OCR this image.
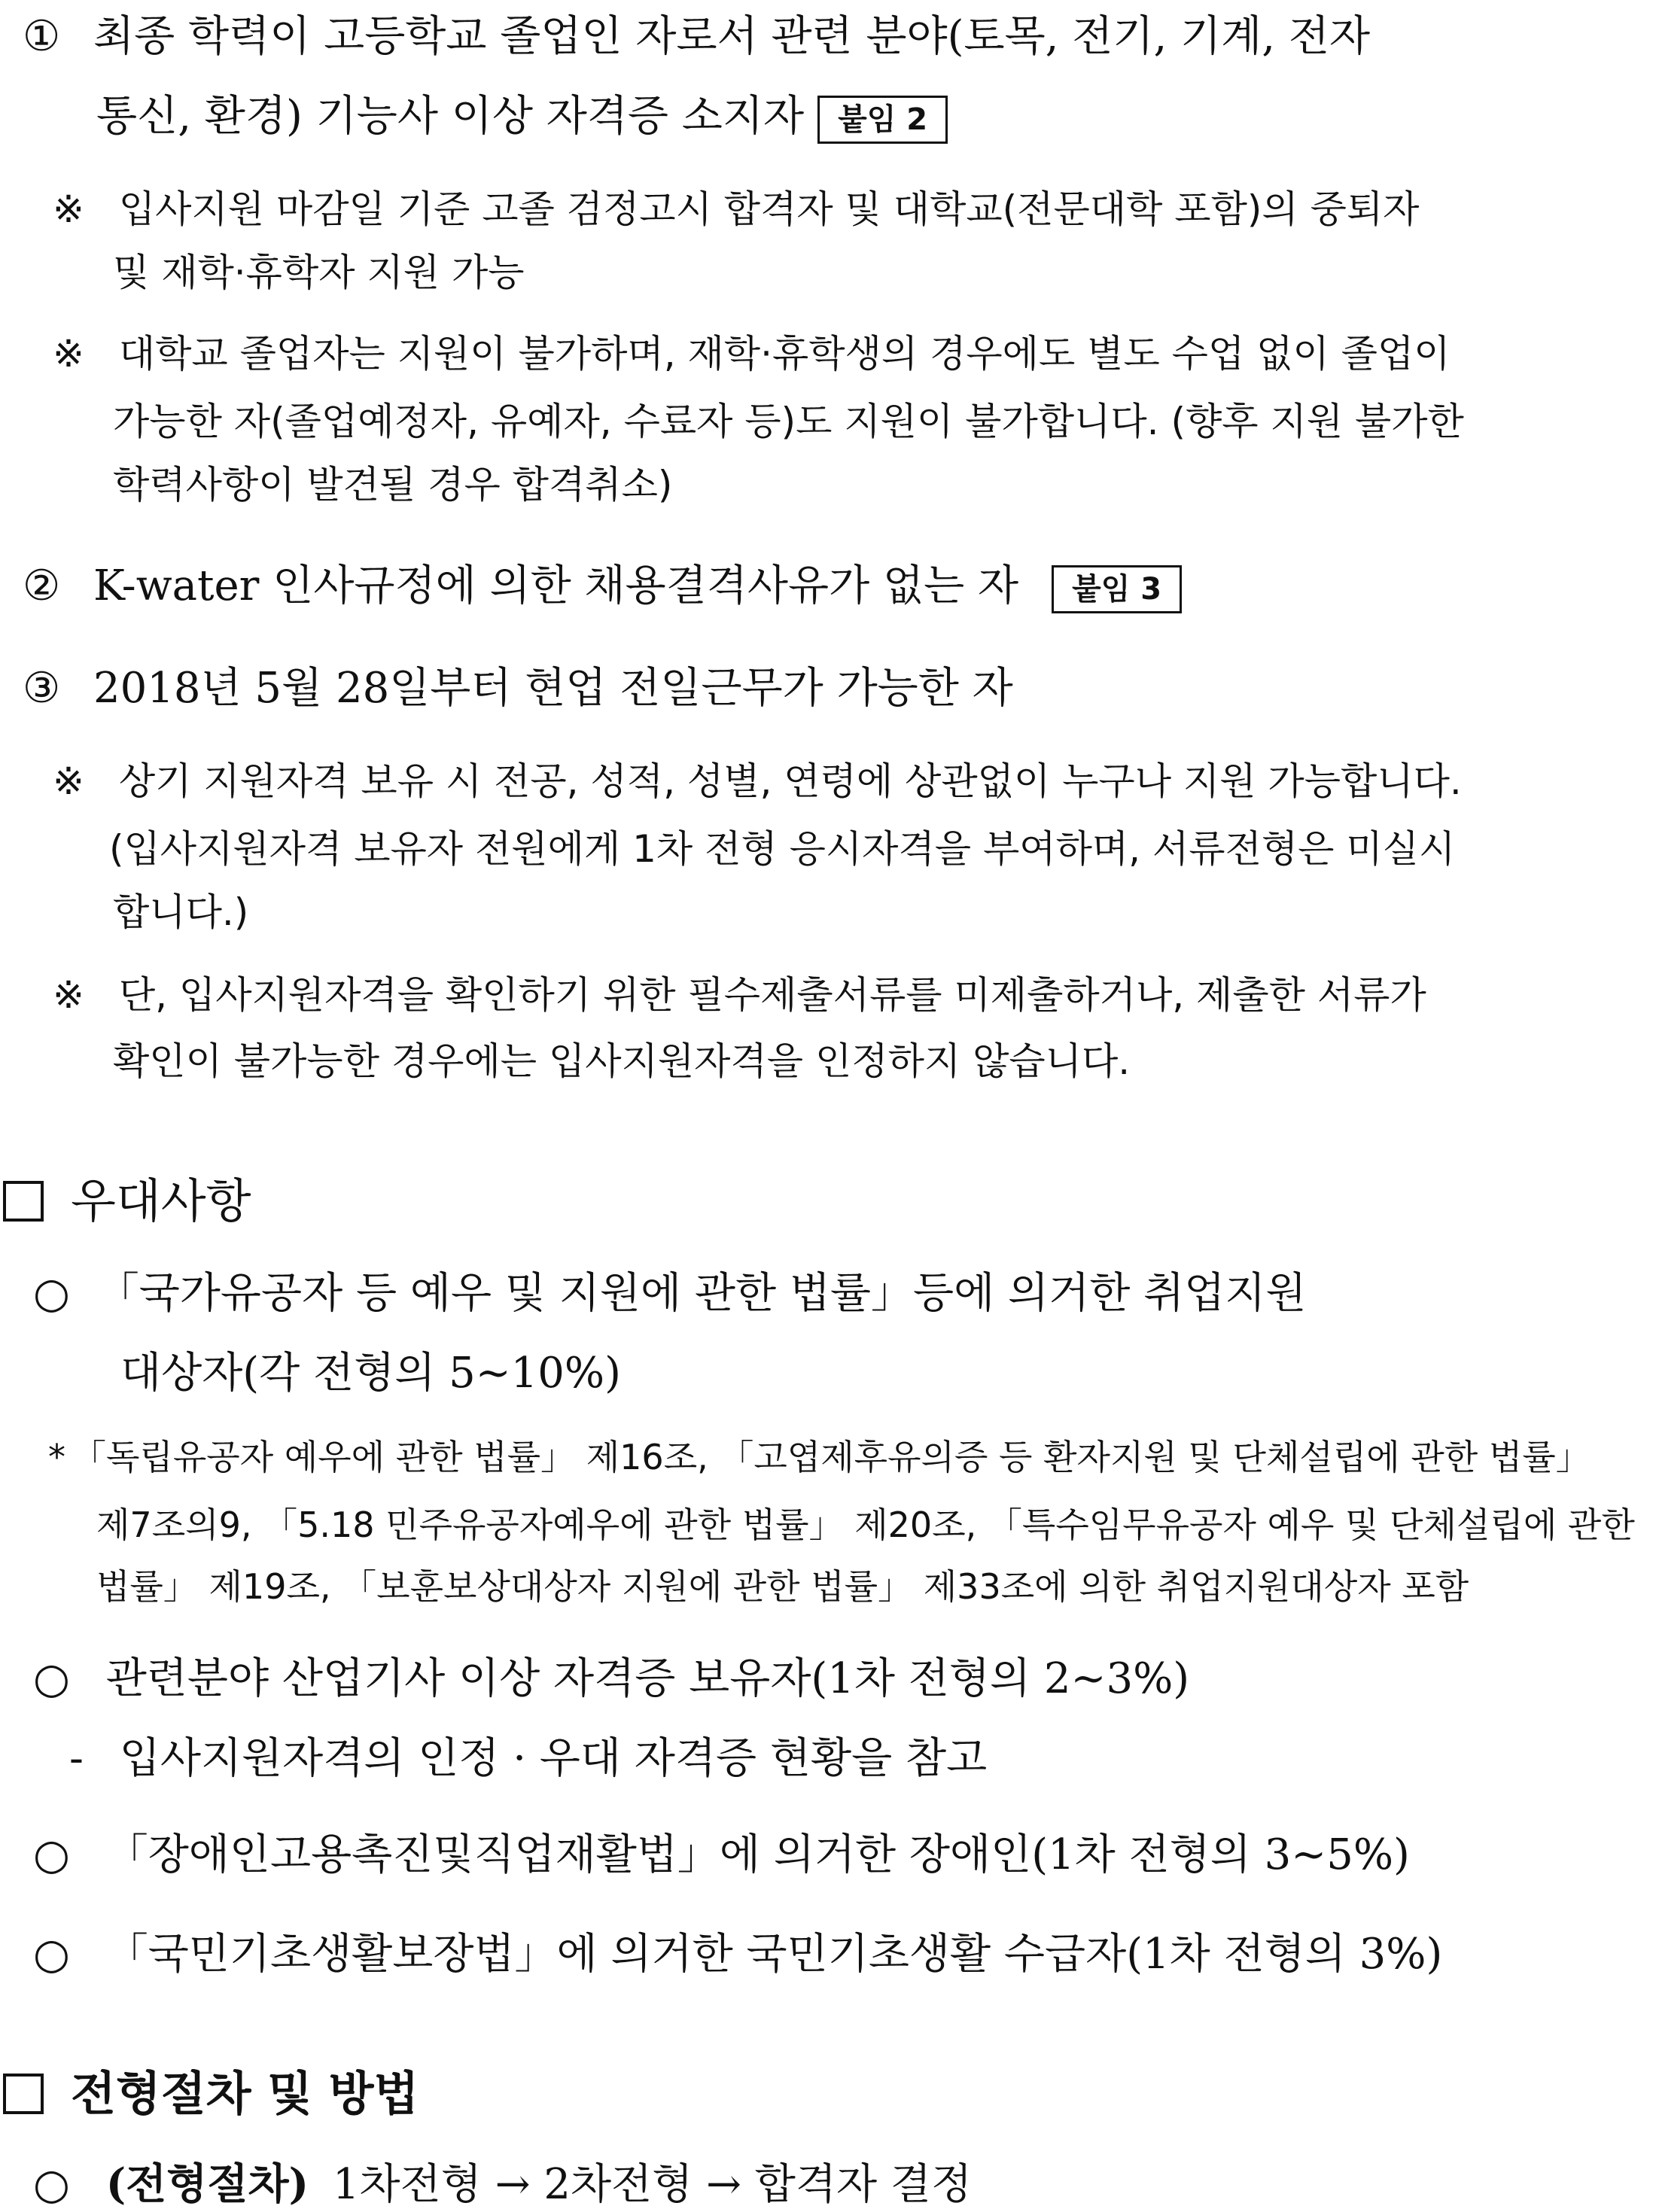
① 최종 학력이 고등학교 졸업인 자로서 관련 분야(토목, 전기, 기계, 전자
통신, 환경) 기능사 이상 자격증 소지자 붙임 2
※ 입사지원 마감일 기준 고졸 검정고시 합격자 및 대학교(전문대학 포함)의 중퇴자
및 재학·휴학자 지원 가능
※ 대학교 졸업자는 지원이 불가하며, 재학·휴학생의 경우에도 별도 수업 없이 졸업이
가능한 자(졸업예정자, 유예자, 수료자 등)도 지원이 불가합니다. (향후 지원 불가한
학력사항이 발견될 경우 합격취소)
② K-water 인사규정에 의한 채용결격사유가 없는 자 붙임 3
③ 2018년 5월 28일부터 현업 전일근무가 가능한 자
※ 상기 지원자격 보유 시 전공, 성적, 성별, 연령에 상관없이 누구나 지원 가능합니다.
(입사지원자격 보유자 전원에게 1차 전형 응시자격을 부여하며, 서류전형은 미실시
합니다.)
※ 단, 입사지원자격을 확인하기 위한 필수제출서류를 미제출하거나, 제출한 서류가
확인이 불가능한 경우에는 입사지원자격을 인정하지 않습니다.
우대사항
○ 「국가유공자 등 예우 및 지원에 관한 법률」등에 의거한 취업지원
대상자(각 전형의 5~10%)
* 「독립유공자 예우에 관한 법률」 제16조, 「고엽제후유의증 등 환자지원 및 단체설립에 관한 법률」
제7조의9, 「5.18 민주유공자예우에 관한 법률」 제20조, 「특수임무유공자 예우 및 단체설립에 관한
법률」 제19조, 「보훈보상대상자 지원에 관한 법률」 제33조에 의한 취업지원대상자 포함
○ 관련분야 산업기사 이상 자격증 보유자(1차 전형의 2~3%)
- 입사지원자격의 인정 · 우대 자격증 현황을 참고
○ 「장애인고용촉진및직업재활법」에 의거한 장애인(1차 전형의 3~5%)
○ 「국민기초생활보장법」에 의거한 국민기초생활 수급자(1차 전형의 3%)
전형절차 및 방법
○ (전형절차) 1차전형 → 2차전형 → 합격자 결정
